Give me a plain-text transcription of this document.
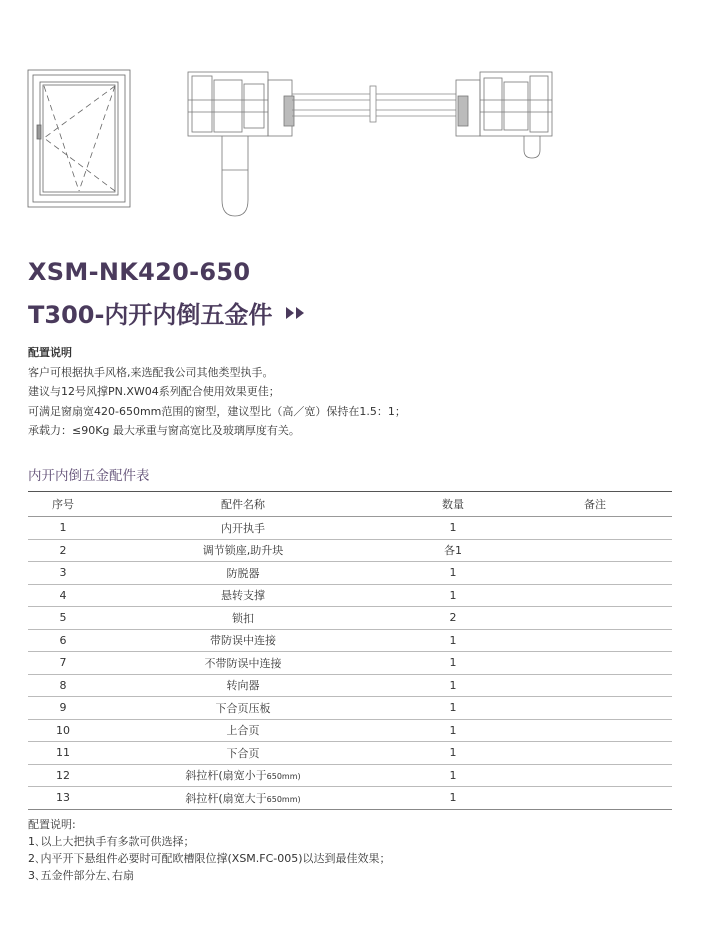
XSM-NK420-650
T300-内开内倒五金件
配置说明
客户可根据执手风格,来选配我公司其他类型执手。
建议与12号风撑PN.XW04系列配合使用效果更佳；
可满足窗扇宽420-650mm范围的窗型，建议型比（高／宽）保持在1.5：1；
承载力：≤90Kg 最大承重与窗高宽比及玻璃厚度有关。
内开内倒五金配件表
序号	配件名称	数量	备注
1	内开执手	1	
2	调节锁座,助升块	各1	
3	防脱器	1	
4	悬转支撑	1	
5	锁扣	2	
6	带防误中连接	1	
7	不带防误中连接	1	
8	转向器	1	
9	下合页压板	1	
10	上合页	1	
11	下合页	1	
12	斜拉杆(扇宽小于650mm)	1	
13	斜拉杆(扇宽大于650mm)	1	
配置说明:
1､以上大把执手有多款可供选择；
2､内平开下悬组件必要时可配欧槽限位撑(XSM.FC-005)以达到最佳效果；
3､五金件部分左､右扇
